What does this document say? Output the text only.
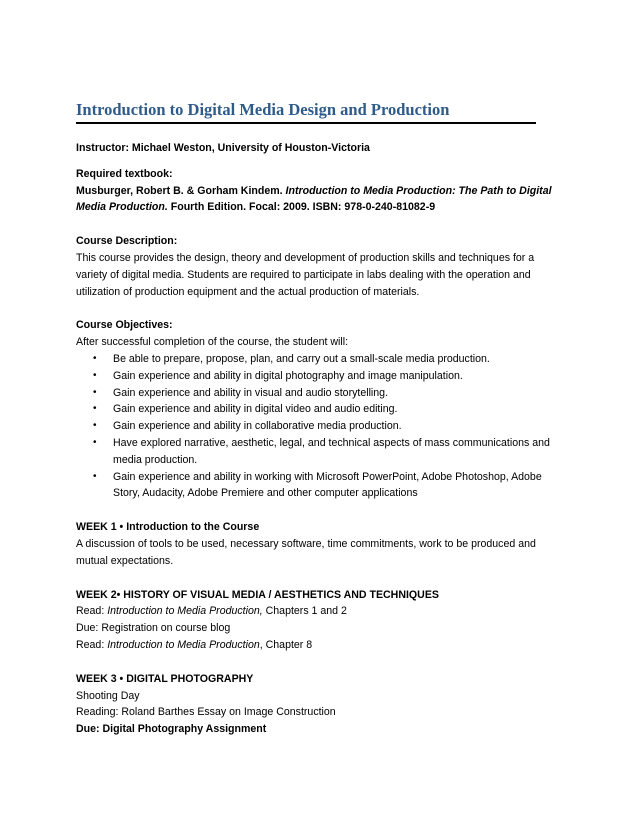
Introduction to Digital Media Design and Production

Instructor: Michael Weston, University of Houston-Victoria

Required textbook:

Musburger, Robert B. & Gorham Kindem. Introduction to Media Production: The Path to Digital Media Production. Fourth Edition. Focal: 2009. ISBN: 978-0-240-81082-9

Course Description:

This course provides the design, theory and development of production skills and techniques for a

variety of digital media. Students are required to participate in labs dealing with the operation and

utilization of production equipment and the actual production of materials.

Course Objectives:

After successful completion of the course, the student will:

• Be able to prepare, propose, plan, and carry out a small-scale media production.
• Gain experience and ability in digital photography and image manipulation.
• Gain experience and ability in visual and audio storytelling.
• Gain experience and ability in digital video and audio editing.
• Gain experience and ability in collaborative media production.
• Have explored narrative, aesthetic, legal, and technical aspects of mass communications and media production.
• Gain experience and ability in working with Microsoft PowerPoint, Adobe Photoshop, Adobe Story, Audacity, Adobe Premiere and other computer applications

WEEK 1 • Introduction to the Course

A discussion of tools to be used, necessary software, time commitments, work to be produced and

mutual expectations.

WEEK 2• HISTORY OF VISUAL MEDIA / AESTHETICS AND TECHNIQUES

Read: Introduction to Media Production, Chapters 1 and 2

Due: Registration on course blog

Read: Introduction to Media Production, Chapter 8

WEEK 3 • DIGITAL PHOTOGRAPHY

Shooting Day

Reading: Roland Barthes Essay on Image Construction

Due: Digital Photography Assignment
